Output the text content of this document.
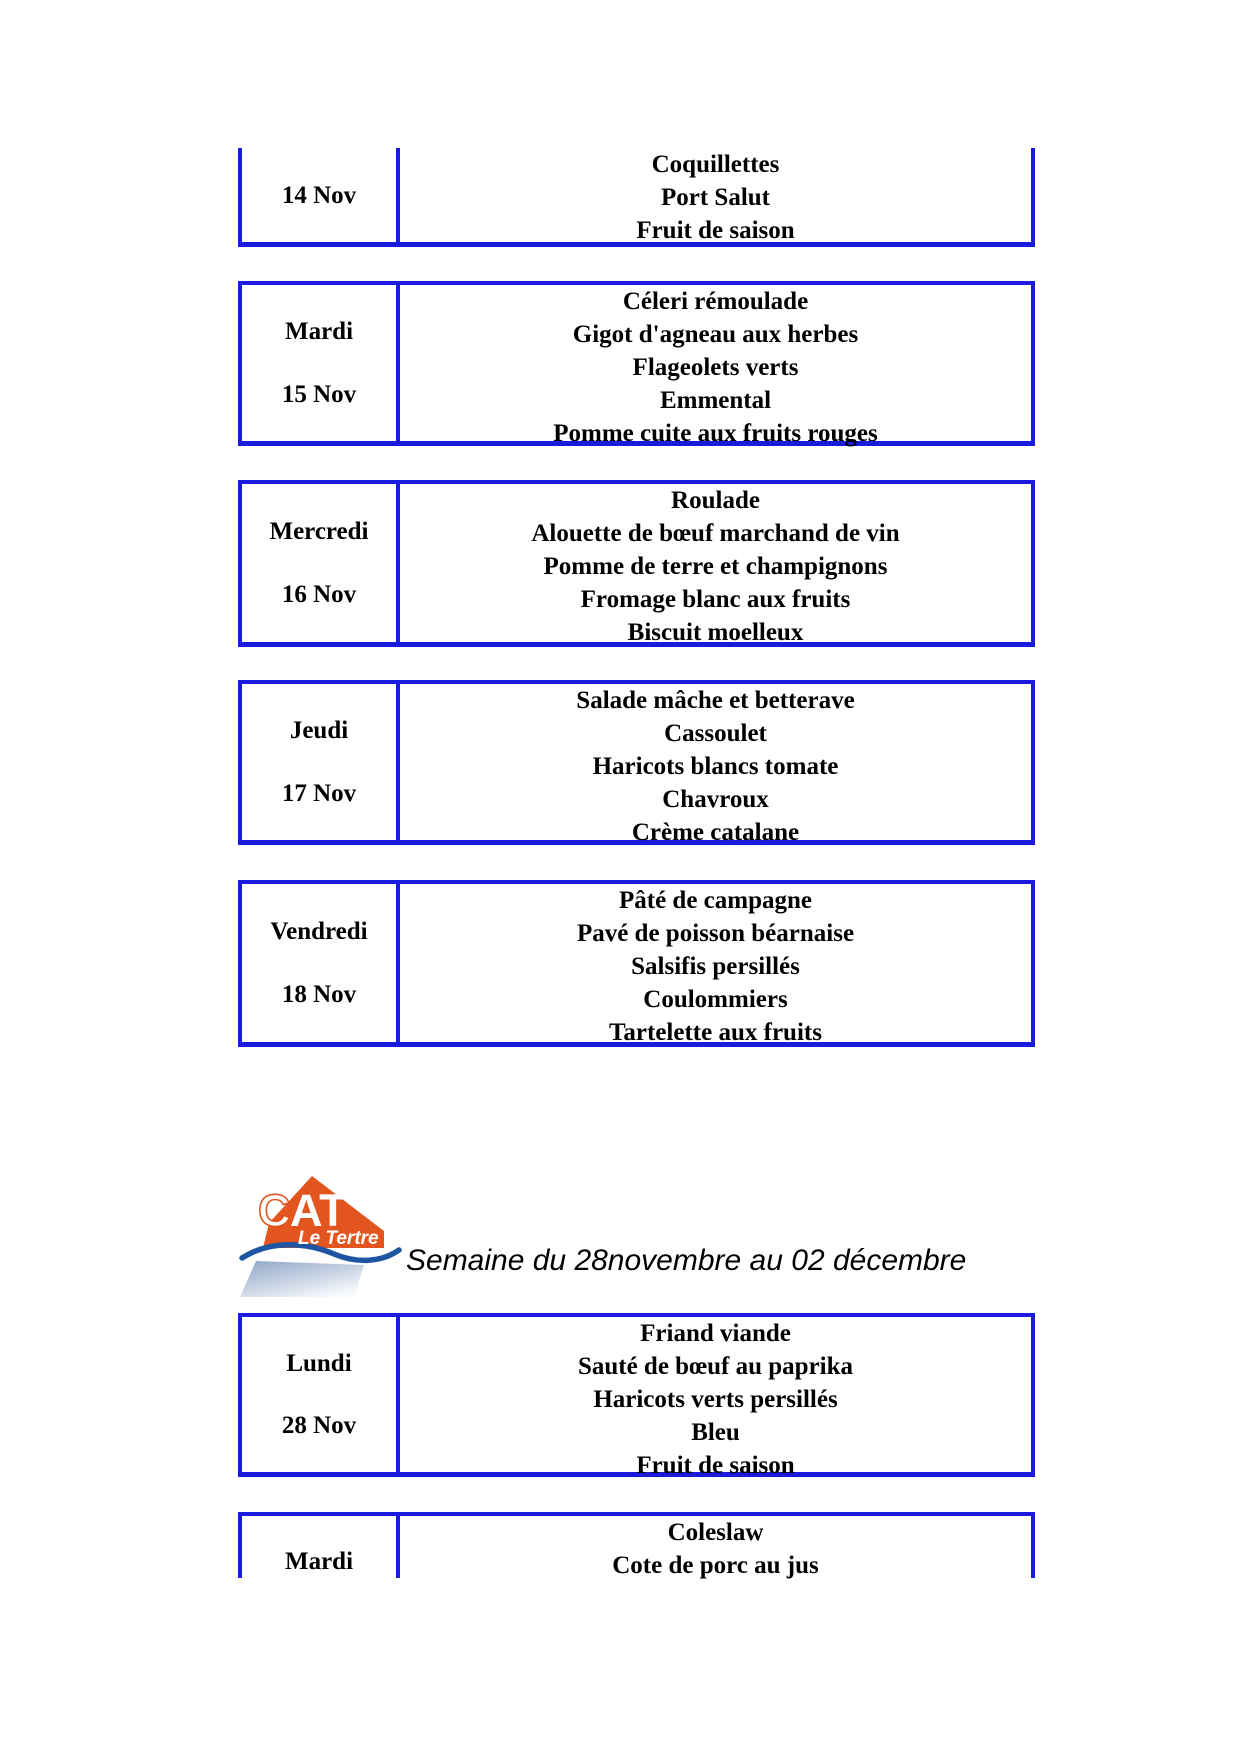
14 Nov
Coquillettes
Port Salut
Fruit de saison
Mardi
15 Nov
Céleri rémoulade
Gigot d'agneau aux herbes
Flageolets verts
Emmental
Pomme cuite aux fruits rouges
Mercredi
16 Nov
Roulade
Alouette de bœuf marchand de vin
Pomme de terre et champignons
Fromage blanc aux fruits
Biscuit moelleux
Jeudi
17 Nov
Salade mâche et betterave
Cassoulet
Haricots blancs tomate
Chavroux
Crème catalane
Vendredi
18 Nov
Pâté de campagne
Pavé de poisson béarnaise
Salsifis persillés
Coulommiers
Tartelette aux fruits
Lundi
28 Nov
Friand viande
Sauté de bœuf au paprika
Haricots verts persillés
Bleu
Fruit de saison
Mardi
Coleslaw
Cote de porc au jus
C AT
Le Tertre
Semaine du 28novembre au 02 décembre
